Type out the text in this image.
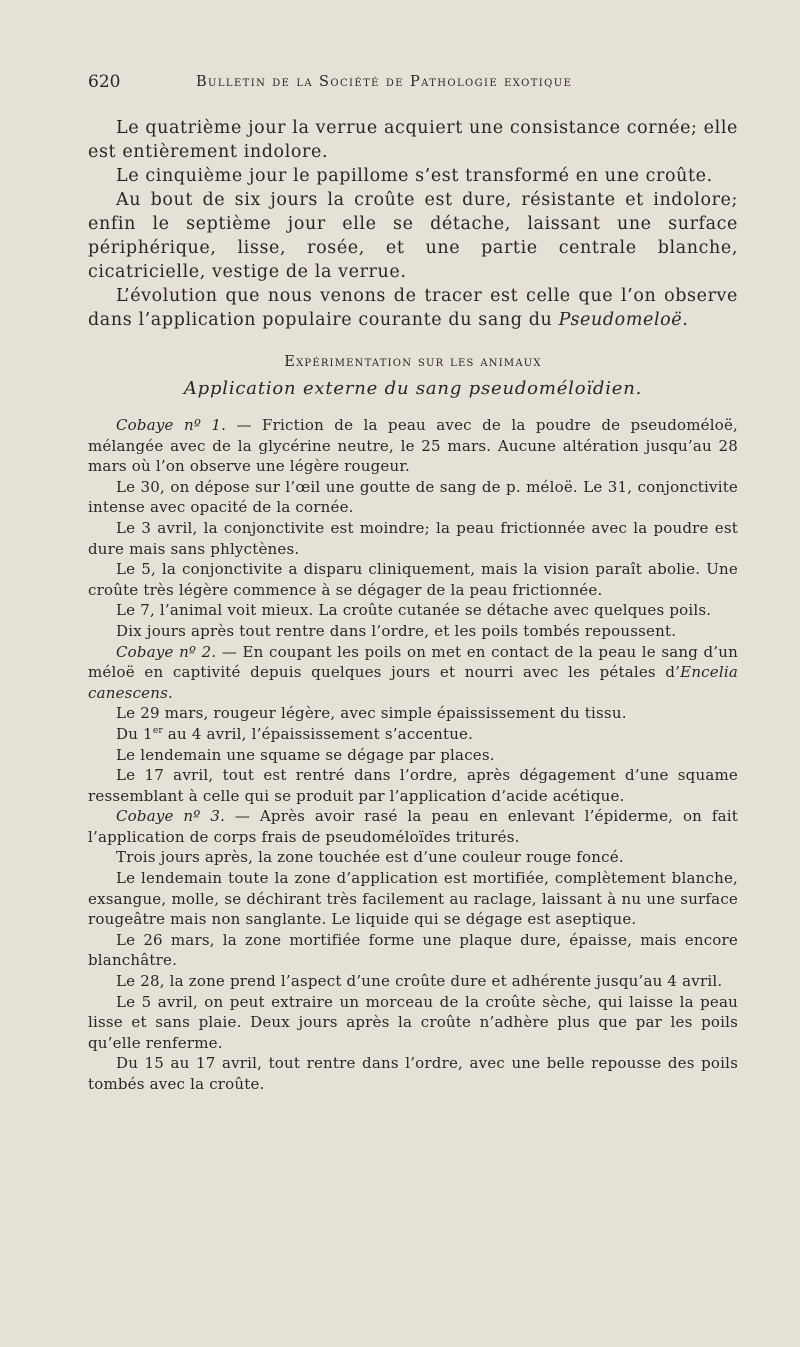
620	Bulletin de la Société de Pathologie exotique

Le quatrième jour la verrue acquiert une consistance cornée; elle est entièrement indolore.

Le cinquième jour le papillome s’est transformé en une croûte.

Au bout de six jours la croûte est dure, résistante et indolore; enfin le septième jour elle se détache, laissant une surface périphérique, lisse, rosée, et une partie centrale blanche, cicatricielle, vestige de la verrue.

L’évolution que nous venons de tracer est celle que l’on observe dans l’application populaire courante du sang du Pseudomeloë.

Expérimentation sur les animaux
Application externe du sang pseudoméloïdien.

Cobaye nº 1. — Friction de la peau avec de la poudre de pseudoméloë, mélangée avec de la glycérine neutre, le 25 mars. Aucune altération jusqu’au 28 mars où l’on observe une légère rougeur.

Le 30, on dépose sur l’œil une goutte de sang de p. méloë. Le 31, conjonctivite intense avec opacité de la cornée.

Le 3 avril, la conjonctivite est moindre; la peau frictionnée avec la poudre est dure mais sans phlyctènes.

Le 5, la conjonctivite a disparu cliniquement, mais la vision paraît abolie. Une croûte très légère commence à se dégager de la peau frictionnée.

Le 7, l’animal voit mieux. La croûte cutanée se détache avec quelques poils.

Dix jours après tout rentre dans l’ordre, et les poils tombés repoussent.

Cobaye nº 2. — En coupant les poils on met en contact de la peau le sang d’un méloë en captivité depuis quelques jours et nourri avec les pétales d’Encelia canescens.

Le 29 mars, rougeur légère, avec simple épaississement du tissu.

Du 1er au 4 avril, l’épaississement s’accentue.

Le lendemain une squame se dégage par places.

Le 17 avril, tout est rentré dans l’ordre, après dégagement d’une squame ressemblant à celle qui se produit par l’application d’acide acétique.

Cobaye nº 3. — Après avoir rasé la peau en enlevant l’épiderme, on fait l’application de corps frais de pseudoméloïdes triturés.

Trois jours après, la zone touchée est d’une couleur rouge foncé.

Le lendemain toute la zone d’application est mortifiée, complètement blanche, exsangue, molle, se déchirant très facilement au raclage, laissant à nu une surface rougeâtre mais non sanglante. Le liquide qui se dégage est aseptique.

Le 26 mars, la zone mortifiée forme une plaque dure, épaisse, mais encore blanchâtre.

Le 28, la zone prend l’aspect d’une croûte dure et adhérente jusqu’au 4 avril.

Le 5 avril, on peut extraire un morceau de la croûte sèche, qui laisse la peau lisse et sans plaie. Deux jours après la croûte n’adhère plus que par les poils qu’elle renferme.

Du 15 au 17 avril, tout rentre dans l’ordre, avec une belle repousse des poils tombés avec la croûte.
